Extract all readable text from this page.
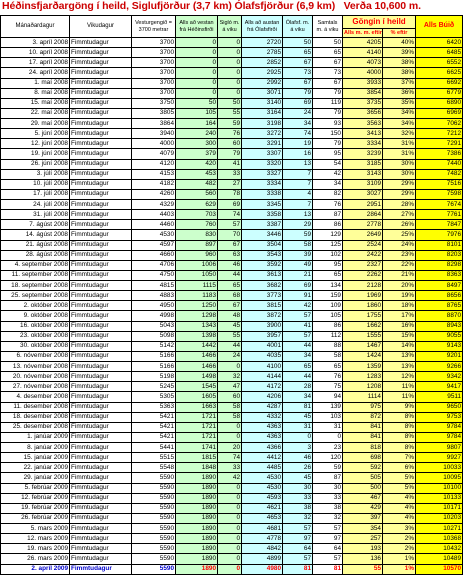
Héðinsfjarðargöng í heild, Siglufjörður (3,7 km) Ólafsfjörður (6,9 km) Verða 10,600 m.
Mánaðardagur	Vikudagur	Vesturgengið = 3700 metrar	Alls að vestan frá Héðinsfirði	Sigló m. á viku	Alls að austan frá Ólafsfirði	Ólafsf. m. á viku	Samtals m. á viku	Göngin í heild		Alls Búið
								Alls m. m. eftir	% eftir	
3. apríl 2008	Fimmtudagur	3700	0	0	2720	50	50	4205	40%	6420
10. apríl 2008	Fimmtudagur	3700	0	0	2785	65	65	4140	39%	6485
17. apríl 2008	Fimmtudagur	3700	0	0	2852	67	67	4073	38%	6552
24. apríl 2008	Fimmtudagur	3700	0	0	2925	73	73	4000	38%	6625
1. maí 2008	Fimmtudagur	3700	0	0	2992	67	67	3933	37%	6692
8. maí 2008	Fimmtudagur	3700	0	0	3071	79	79	3854	36%	6779
15. maí 2008	Fimmtudagur	3750	50	50	3140	69	119	3735	35%	6890
22. maí 2008	Fimmtudagur	3805	105	55	3164	24	79	3656	34%	6969
29. maí 2008	Fimmtudagur	3864	164	59	3198	34	93	3563	34%	7062
5. júní 2008	Fimmtudagur	3940	240	76	3272	74	150	3413	32%	7212
12. júní 2008	Fimmtudagur	4000	300	60	3291	19	79	3334	31%	7291
19. júní 2008	Fimmtudagur	4079	379	79	3307	16	95	3239	31%	7386
26. júní 2008	Fimmtudagur	4120	420	41	3320	13	54	3185	30%	7440
3. júlí 2008	Fimmtudagur	4153	453	33	3327	7	42	3143	30%	7482
10. júlí 2008	Fimmtudagur	4182	482	27	3334	7	34	3109	29%	7516
17. júlí 2008	Fimmtudagur	4260	560	78	3338	4	82	3027	29%	7598
24. júlí 2008	Fimmtudagur	4329	629	69	3345	7	76	2951	28%	7674
31. júlí 2008	Fimmtudagur	4403	703	74	3358	13	87	2864	27%	7761
7. ágúst 2008	Fimmtudagur	4460	760	57	3387	29	86	2778	26%	7847
14. ágúst 2008	Fimmtudagur	4530	830	70	3446	59	129	2649	25%	7976
21. ágúst 2008	Fimmtudagur	4597	897	67	3504	58	125	2524	24%	8101
28. ágúst 2008	Fimmtudagur	4660	960	63	3543	39	102	2422	23%	8203
4. september 2008	Fimmtudagur	4706	1006	46	3592	49	95	2327	22%	8298
11. september 2008	Fimmtudagur	4750	1050	44	3613	21	65	2262	21%	8363
18. september 2008	Fimmtudagur	4815	1115	65	3682	69	134	2128	20%	8497
25. september 2008	Fimmtudagur	4883	1183	68	3773	91	159	1969	19%	8656
2. október 2008	Fimmtudagur	4950	1250	67	3815	42	109	1860	18%	8765
9. október 2008	Fimmtudagur	4998	1298	48	3872	57	105	1755	17%	8870
16. október 2008	Fimmtudagur	5043	1343	45	3900	41	86	1662	16%	8943
23. október 2008	Fimmtudagur	5098	1398	55	3957	57	112	1555	15%	9055
30. október 2008	Fimmtudagur	5142	1442	44	4001	44	88	1467	14%	9143
6. nóvember 2008	Fimmtudagur	5166	1466	24	4035	34	58	1424	13%	9201
13. nóvember 2008	Fimmtudagur	5166	1466	0	4100	65	65	1359	13%	9266
20. nóvember 2008	Fimmtudagur	5198	1498	32	4144	44	76	1283	12%	9342
27. nóvember 2008	Fimmtudagur	5245	1545	47	4172	28	75	1208	11%	9417
4. desember 2008	Fimmtudagur	5305	1605	60	4206	34	94	1114	11%	9511
11. desember 2008	Fimmtudagur	5363	1663	58	4287	81	139	975	9%	9650
18. desember 2008	Fimmtudagur	5421	1721	58	4332	45	103	872	8%	9753
25. desember 2008	Fimmtudagur	5421	1721	0	4363	31	31	841	8%	9784
1. janúar 2009	Fimmtudagur	5421	1721	0	4363	0	0	841	8%	9784
8. janúar 2009	Fimmtudagur	5441	1741	20	4366	3	23	818	8%	9807
15. janúar 2009	Fimmtudagur	5515	1815	74	4412	46	120	698	7%	9927
22. janúar 2009	Fimmtudagur	5548	1848	33	4485	26	59	592	6%	10033
29. janúar 2009	Fimmtudagur	5590	1890	42	4530	45	87	505	5%	10095
5. febrúar 2009	Fimmtudagur	5590	1890	0	4530	30	30	500	5%	10100
12. febrúar 2009	Fimmtudagur	5590	1890	0	4593	33	33	467	4%	10133
19. febrúar 2009	Fimmtudagur	5590	1890	0	4621	38	38	429	4%	10171
26. febrúar 2009	Fimmtudagur	5590	1890	0	4653	32	32	397	4%	10203
5. mars 2009	Fimmtudagur	5590	1890	0	4681	57	57	354	3%	10271
12. mars 2009	Fimmtudagur	5590	1890	0	4778	97	97	257	2%	10368
19. mars 2009	Fimmtudagur	5590	1890	0	4842	64	64	193	2%	10432
26. mars 2009	Fimmtudagur	5590	1890	0	4899	57	57	136	1%	10489
2. apríl 2009	Fimmtudagur	5590	1890	0	4980	81	81	55	1%	10570
